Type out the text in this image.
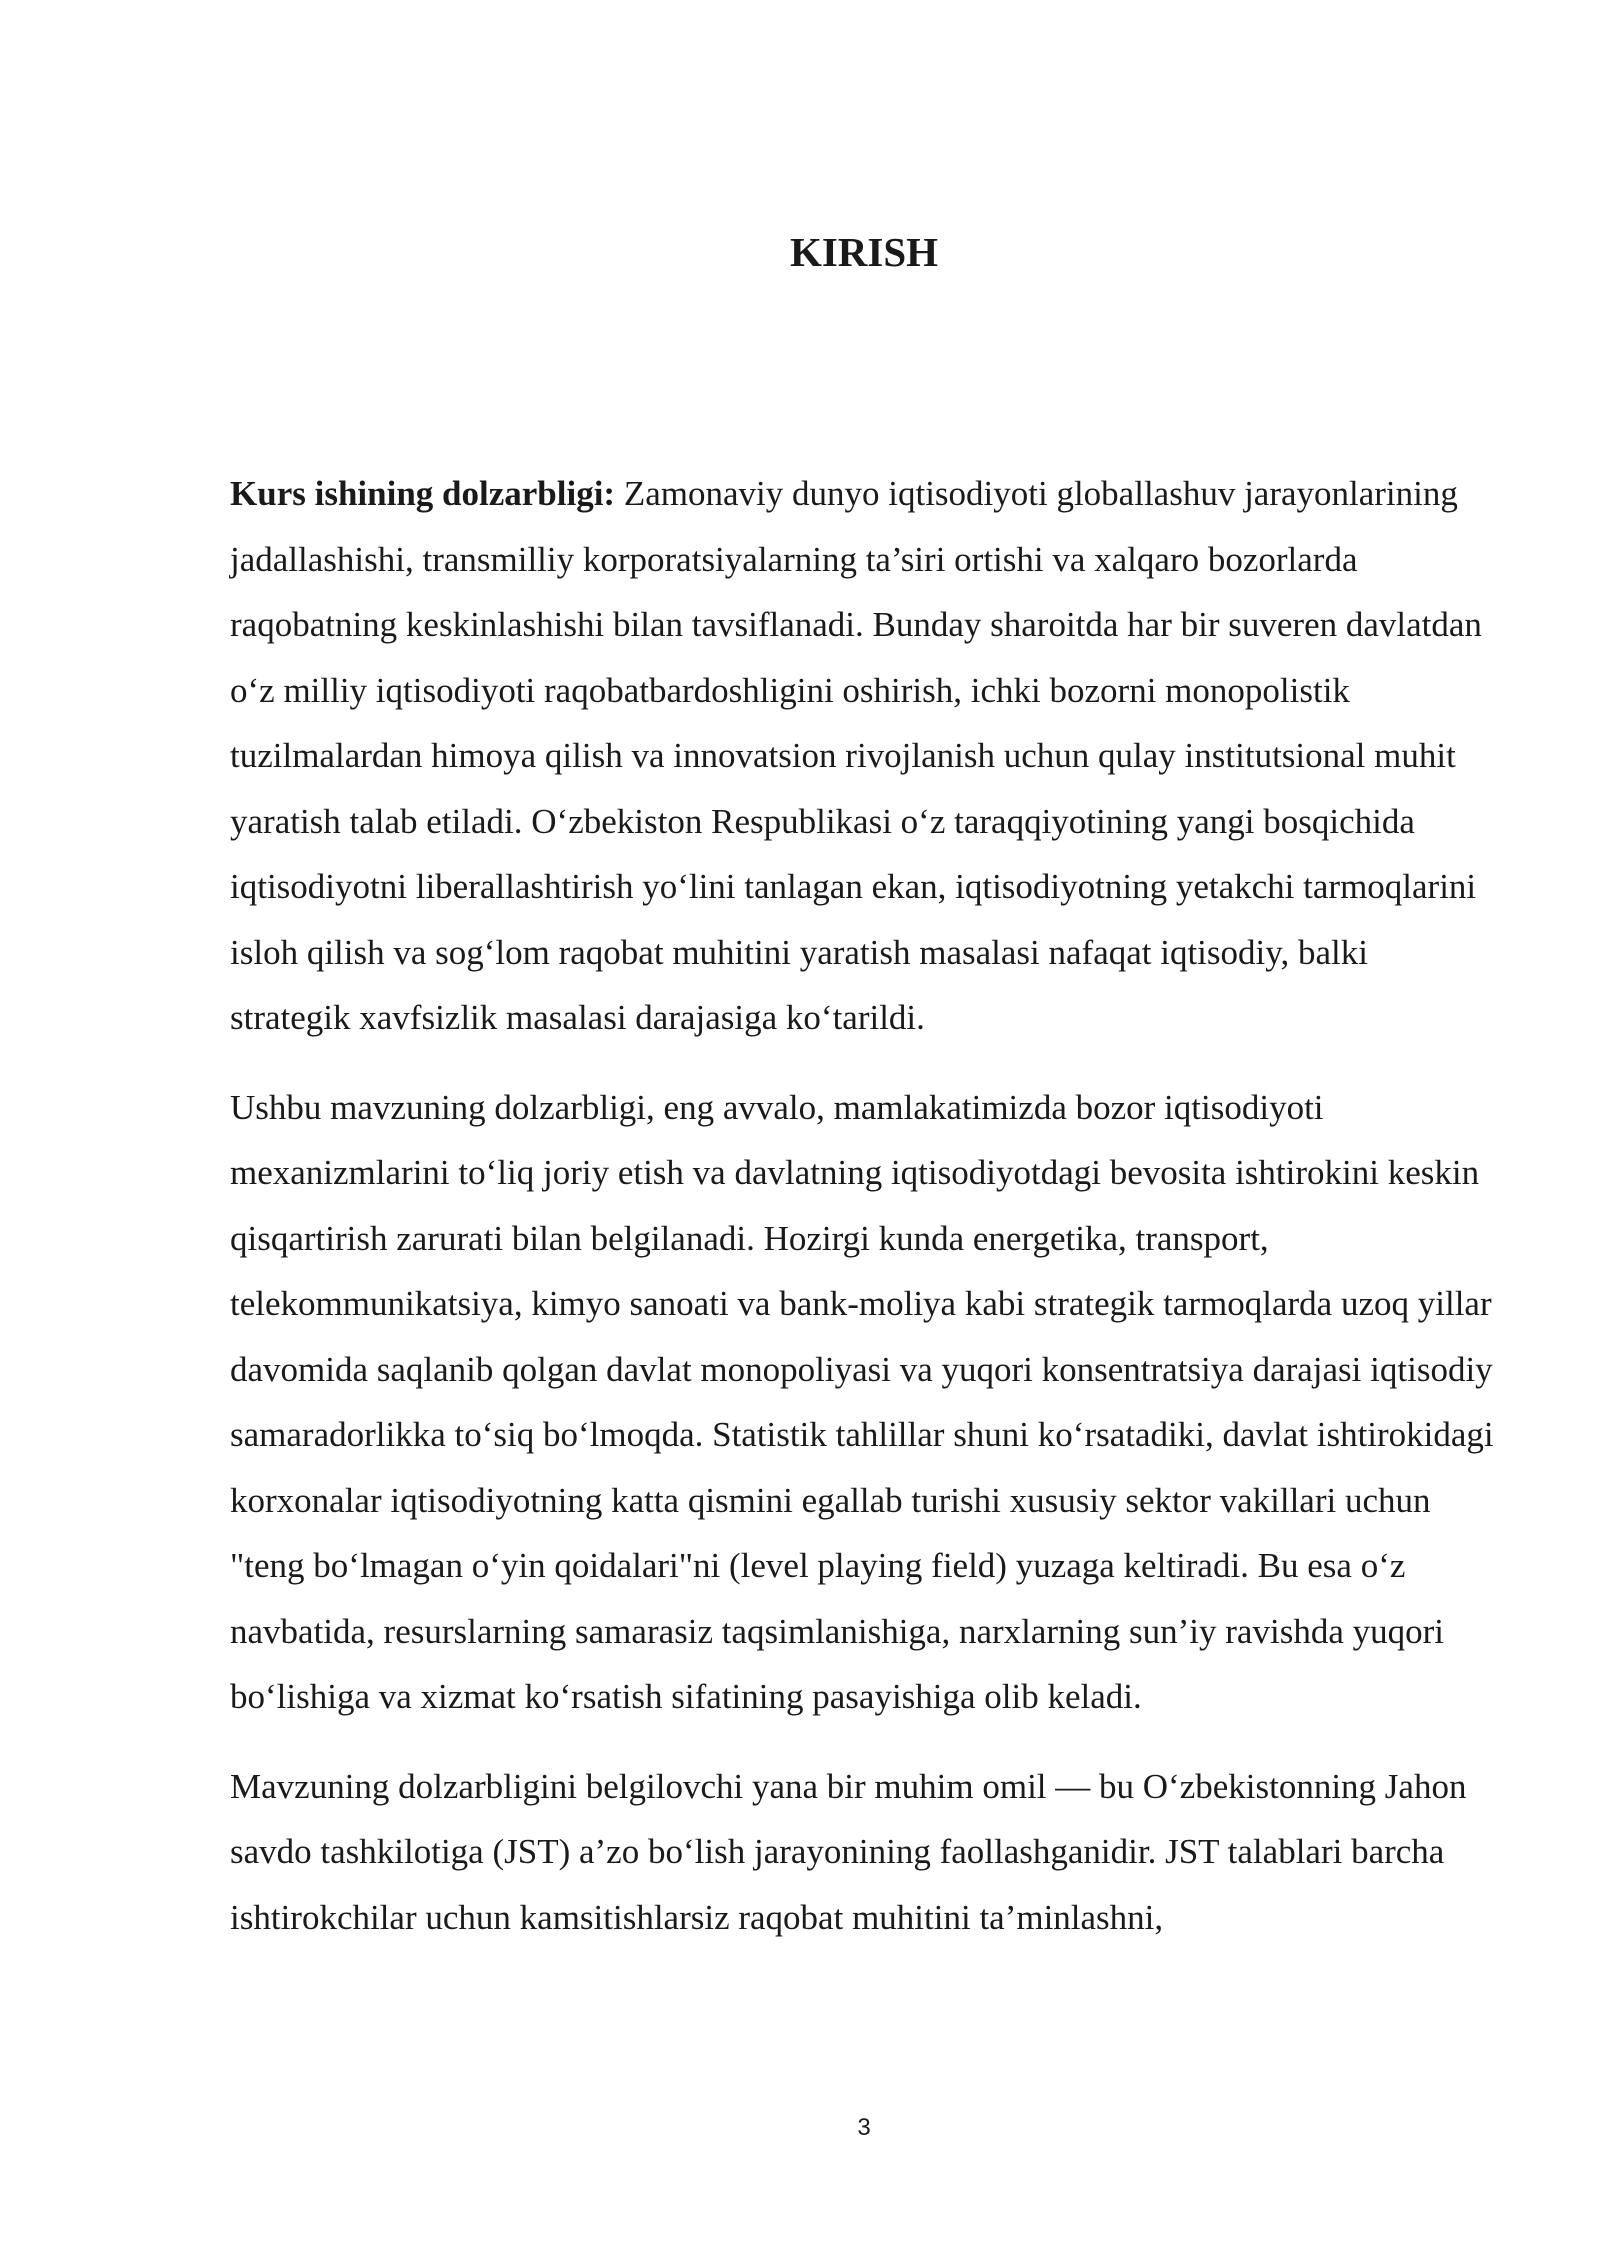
KIRISH

Kurs ishining dolzarbligi: Zamonaviy dunyo iqtisodiyoti globallashuv jarayonlarining jadallashishi, transmilliy korporatsiyalarning ta’siri ortishi va xalqaro bozorlarda raqobatning keskinlashishi bilan tavsiflanadi. Bunday sharoitda har bir suveren davlatdan o‘z milliy iqtisodiyoti raqobatbardoshligini oshirish, ichki bozorni monopolistik tuzilmalardan himoya qilish va innovatsion rivojlanish uchun qulay institutsional muhit yaratish talab etiladi. O‘zbekiston Respublikasi o‘z taraqqiyotining yangi bosqichida iqtisodiyotni liberallashtirish yo‘lini tanlagan ekan, iqtisodiyotning yetakchi tarmoqlarini isloh qilish va sog‘lom raqobat muhitini yaratish masalasi nafaqat iqtisodiy, balki strategik xavfsizlik masalasi darajasiga ko‘tarildi.

Ushbu mavzuning dolzarbligi, eng avvalo, mamlakatimizda bozor iqtisodiyoti mexanizmlarini to‘liq joriy etish va davlatning iqtisodiyotdagi bevosita ishtirokini keskin qisqartirish zarurati bilan belgilanadi. Hozirgi kunda energetika, transport, telekommunikatsiya, kimyo sanoati va bank-moliya kabi strategik tarmoqlarda uzoq yillar davomida saqlanib qolgan davlat monopoliyasi va yuqori konsentratsiya darajasi iqtisodiy samaradorlikka to‘siq bo‘lmoqda. Statistik tahlillar shuni ko‘rsatadiki, davlat ishtirokidagi korxonalar iqtisodiyotning katta qismini egallab turishi xususiy sektor vakillari uchun "teng bo‘lmagan o‘yin qoidalari"ni (level playing field) yuzaga keltiradi. Bu esa o‘z navbatida, resurslarning samarasiz taqsimlanishiga, narxlarning sun’iy ravishda yuqori bo‘lishiga va xizmat ko‘rsatish sifatining pasayishiga olib keladi.

Mavzuning dolzarbligini belgilovchi yana bir muhim omil — bu O‘zbekistonning Jahon savdo tashkilotiga (JST) a’zo bo‘lish jarayonining faollashganidir. JST talablari barcha ishtirokchilar uchun kamsitishlarsiz raqobat muhitini ta’minlashni,

3
